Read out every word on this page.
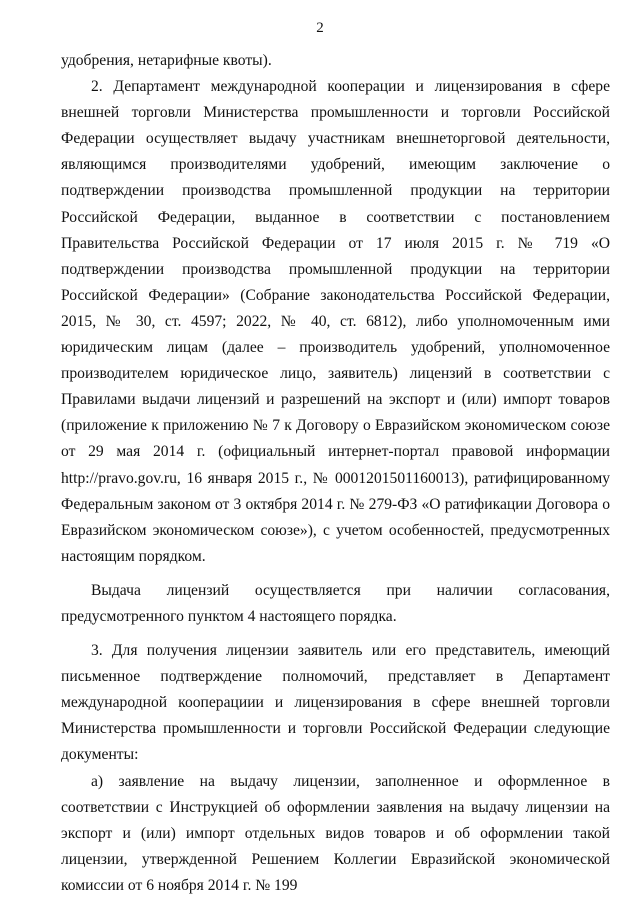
2

удобрения, нетарифные квоты).

2. Департамент международной кооперации и лицензирования в сфере внешней торговли Министерства промышленности и торговли Российской Федерации осуществляет выдачу участникам внешнеторговой деятельности, являющимся производителями удобрений, имеющим заключение о подтверждении производства промышленной продукции на территории Российской Федерации, выданное в соответствии с постановлением Правительства Российской Федерации от 17 июля 2015 г. № 719 «О подтверждении производства промышленной продукции на территории Российской Федерации» (Собрание законодательства Российской Федерации, 2015, № 30, ст. 4597; 2022, № 40, ст. 6812), либо уполномоченным ими юридическим лицам (далее – производитель удобрений, уполномоченное производителем юридическое лицо, заявитель) лицензий в соответствии с Правилами выдачи лицензий и разрешений на экспорт и (или) импорт товаров (приложение к приложению № 7 к Договору о Евразийском экономическом союзе от 29 мая 2014 г. (официальный интернет-портал правовой информации http://pravo.gov.ru, 16 января 2015 г., № 0001201501160013), ратифицированному Федеральным законом от 3 октября 2014 г. № 279-ФЗ «О ратификации Договора о Евразийском экономическом союзе»), с учетом особенностей, предусмотренных настоящим порядком.

Выдача лицензий осуществляется при наличии согласования, предусмотренного пунктом 4 настоящего порядка.

3. Для получения лицензии заявитель или его представитель, имеющий письменное подтверждение полномочий, представляет в Департамент международной кооперациии и лицензирования в сфере внешней торговли Министерства промышленности и торговли Российской Федерации следующие документы:

а) заявление на выдачу лицензии, заполненное и оформленное в соответствии с Инструкцией об оформлении заявления на выдачу лицензии на экспорт и (или) импорт отдельных видов товаров и об оформлении такой лицензии, утвержденной Решением Коллегии Евразийской экономической комиссии от 6 ноября 2014 г. № 199
